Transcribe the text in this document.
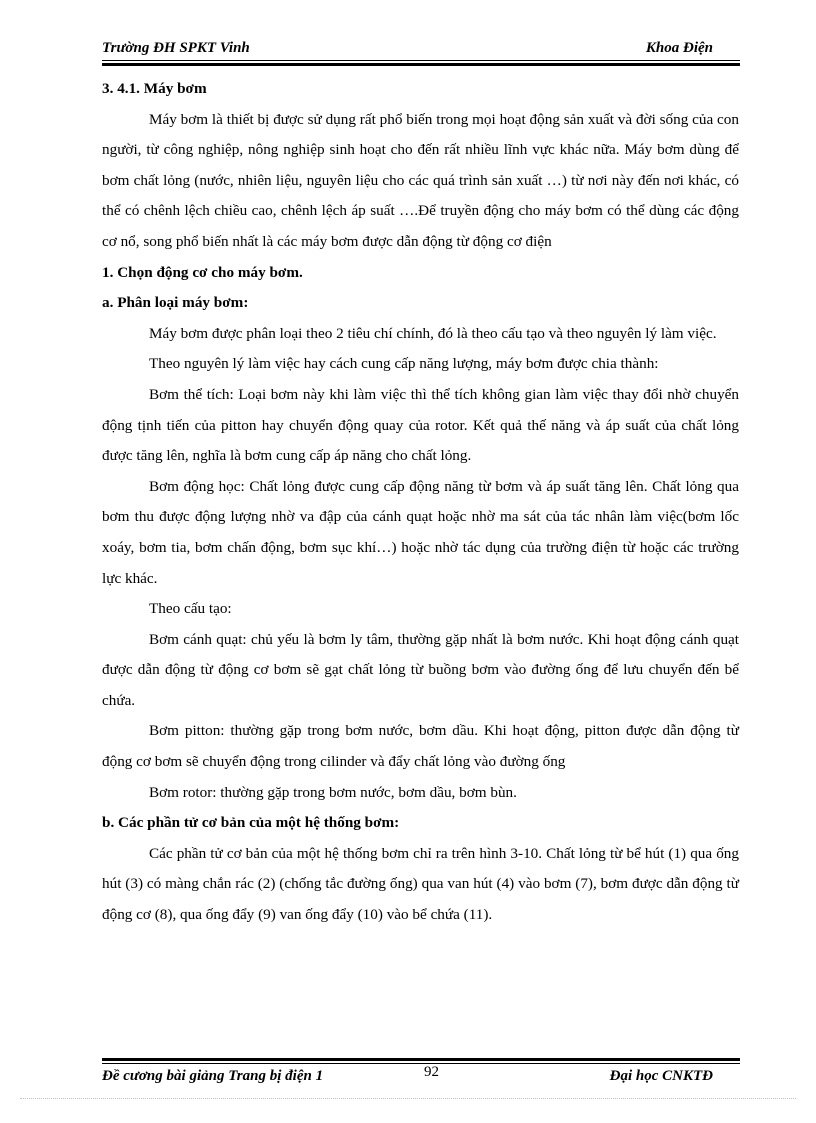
Trường ĐH SPKT Vinh	Khoa Điện

3. 4.1. Máy bơm

Máy bơm là thiết bị được sử dụng rất phổ biến trong mọi hoạt động sản xuất và đời sống của con người, từ công nghiệp, nông nghiệp sinh hoạt cho đến rất nhiều lĩnh vực khác nữa. Máy bơm dùng để bơm chất lỏng (nước, nhiên liệu, nguyên liệu cho các quá trình sản xuất …) từ nơi này đến nơi khác, có thể có chênh lệch chiều cao, chênh lệch áp suất ….Để truyền động cho máy bơm có thể dùng các động cơ nổ, song phổ biến nhất là các máy bơm được dẫn động từ động cơ điện

1. Chọn động cơ cho máy bơm.

a. Phân loại máy bơm:

Máy bơm được phân loại theo 2 tiêu chí chính, đó là theo cấu tạo và theo nguyên lý làm việc.

Theo nguyên lý làm việc hay cách cung cấp năng lượng, máy bơm được chia thành:

Bơm thể tích: Loại bơm này khi làm việc thì thể tích không gian làm việc thay đổi nhờ chuyển động tịnh tiến của pitton hay chuyển động quay của rotor. Kết quả thế năng và áp suất của chất lỏng được tăng lên, nghĩa là bơm cung cấp áp năng cho chất lỏng.

Bơm động học: Chất lỏng được cung cấp động năng từ bơm và áp suất tăng lên. Chất lỏng qua bơm thu được động lượng nhờ va đập của cánh quạt hoặc nhờ ma sát của tác nhân làm việc(bơm lốc xoáy, bơm tia, bơm chấn động, bơm sục khí…) hoặc nhờ tác dụng của trường điện từ hoặc các trường lực khác.

Theo cấu tạo:

Bơm cánh quạt: chủ yếu là bơm ly tâm, thường gặp nhất là bơm nước. Khi hoạt động cánh quạt được dẫn động từ động cơ bơm sẽ gạt chất lỏng từ buồng bơm vào đường ống để lưu chuyển đến bể chứa.

Bơm pitton: thường gặp trong bơm nước, bơm dầu. Khi hoạt động, pitton được dẫn động từ động cơ bơm sẽ chuyển động trong cilinder và đẩy chất lỏng vào đường ống

Bơm rotor: thường gặp trong bơm nước, bơm dầu, bơm bùn.

b. Các phần tử cơ bản của một hệ thống bơm:

Các phần tử cơ bản của một hệ thống bơm chỉ ra trên hình 3-10. Chất lỏng từ bể hút (1) qua ống hút (3) có màng chắn rác (2) (chống tắc đường ống) qua van hút (4) vào bơm (7), bơm được dẫn động từ động cơ (8), qua ống đẩy (9) van ống đẩy (10) vào bể chứa (11).

Đề cương bài giảng Trang bị điện 1	92	Đại học CNKTĐ
